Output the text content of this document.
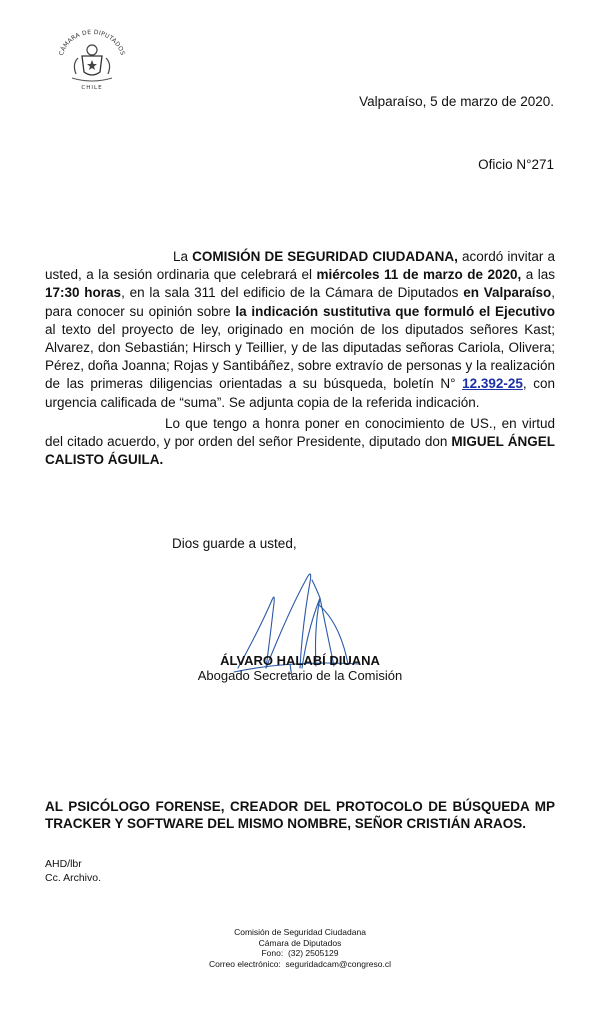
CÁMARA DE DIPUTADOS
CHILE
Valparaíso, 5 de marzo de 2020.
Oficio N°271
La COMISIÓN DE SEGURIDAD CIUDADANA, acordó invitar a usted, a la sesión ordinaria que celebrará el miércoles 11 de marzo de 2020, a las 17:30 horas, en la sala 311 del edificio de la Cámara de Diputados en Valparaíso, para conocer su opinión sobre la indicación sustitutiva que formuló el Ejecutivo al texto del proyecto de ley, originado en moción de los diputados señores Kast; Alvarez, don Sebastián; Hirsch y Teillier, y de las diputadas señoras Cariola, Olivera; Pérez, doña Joanna; Rojas y Santibáñez, sobre extravío de personas y la realización de las primeras diligencias orientadas a su búsqueda, boletín N° 12.392-25, con urgencia calificada de “suma”. Se adjunta copia de la referida indicación.
Lo que tengo a honra poner en conocimiento de US., en virtud del citado acuerdo, y por orden del señor Presidente, diputado don MIGUEL ÁNGEL CALISTO ÁGUILA.
Dios guarde a usted,
ÁLVARO HALABÍ DIUANA
Abogado Secretario de la Comisión
AL PSICÓLOGO FORENSE, CREADOR DEL PROTOCOLO DE BÚSQUEDA MP TRACKER Y SOFTWARE DEL MISMO NOMBRE, SEÑOR CRISTIÁN ARAOS.
AHD/lbr
Cc. Archivo.
Comisión de Seguridad Ciudadana
Cámara de Diputados
Fono:  (32) 2505129
Correo electrónico:  seguridadcam@congreso.cl
